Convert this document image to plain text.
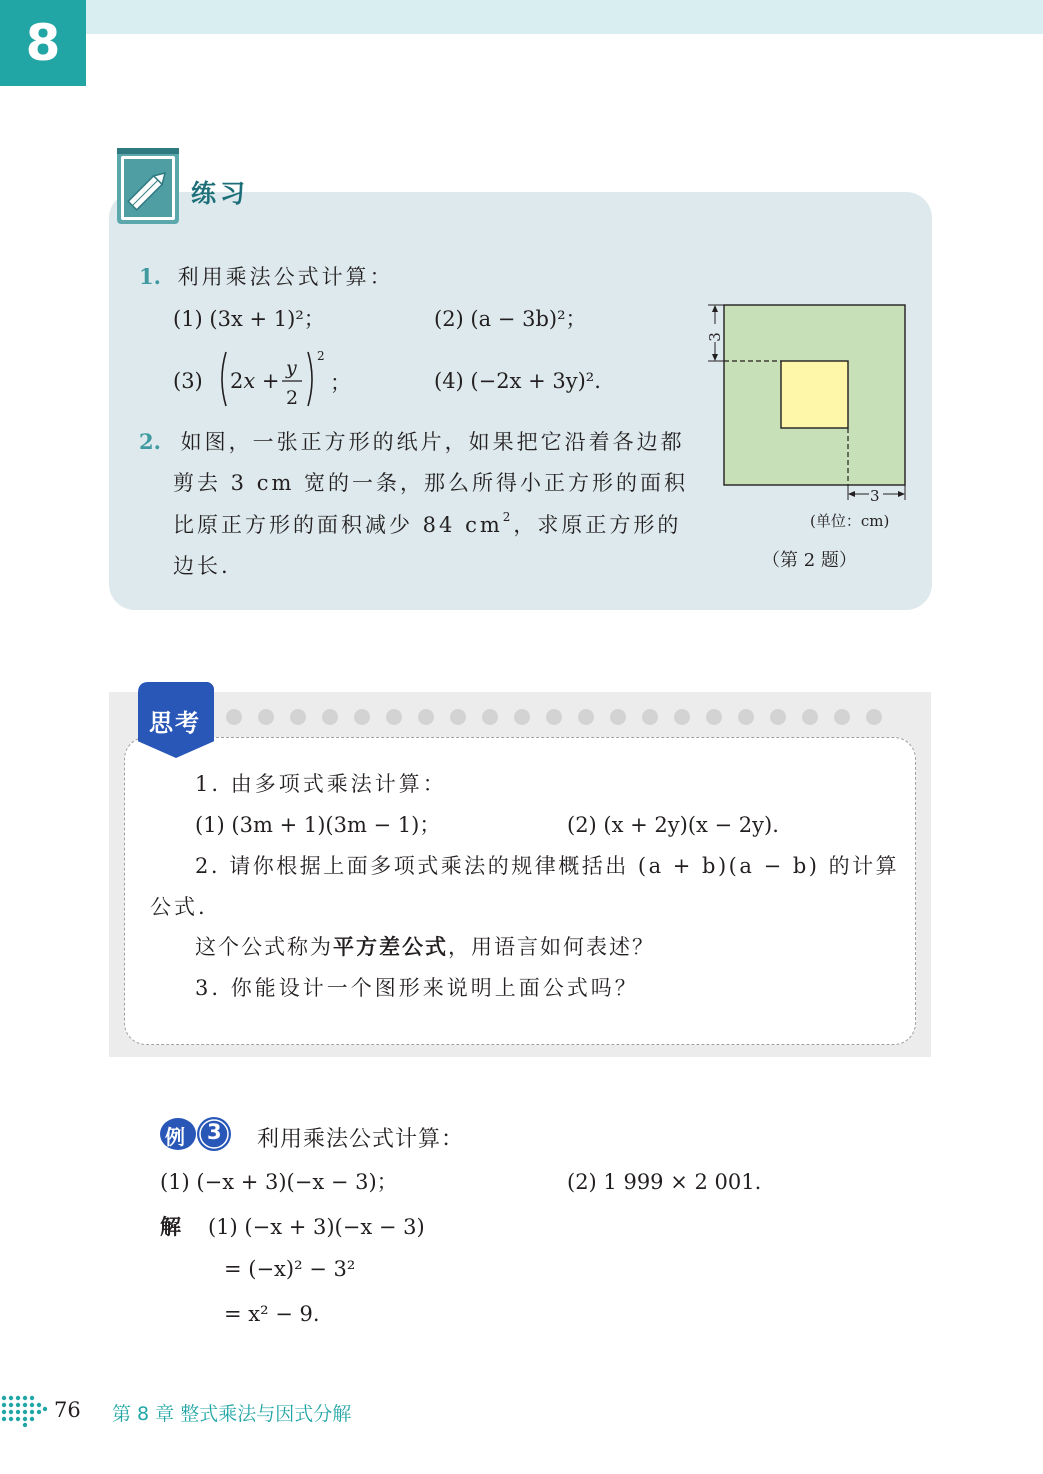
8
练习
1. 利用乘法公式计算：
(1) (3x + 1)²；	(2) (a − 3b)²；
(3) 2x +
y
2
2
；	(4) (−2x + 3y)².
2. 如图，一张正方形的纸片，如果把它沿着各边都
剪去 3 cm 宽的一条，那么所得小正方形的面积
比原正方形的面积减少 84 $cm^2$，求原正方形的
边长.
3
3
(单位：cm)
（第 2 题）
思考
1. 由多项式乘法计算：
(1) (3m + 1)(3m − 1)；	(2) (x + 2y)(x − 2y).
2. 请你根据上面多项式乘法的规律概括出 (a + b)(a − b) 的计算
公式.
这个公式称为平方差公式，用语言如何表述？
3. 你能设计一个图形来说明上面公式吗？
例 3 利用乘法公式计算：
(1) (−x + 3)(−x − 3)；	(2) 1 999 × 2 001.
解 (1) (−x + 3)(−x − 3)
= (−x)² − 3²
= x² − 9.
76 第 8 章 整式乘法与因式分解
